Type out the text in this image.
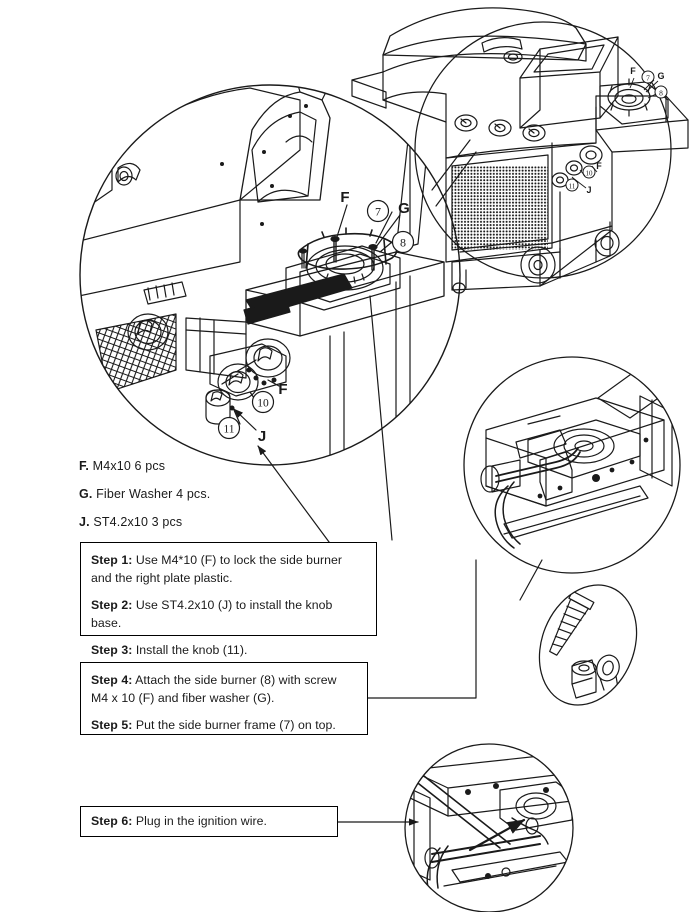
7
8
10
11
F
G
F
J
7
8
10
11
F G
F
J
F. M4x10 6 pcs
G. Fiber Washer 4 pcs.
J. ST4.2x10 3 pcs

Step 1: Use M4*10 (F) to lock the side burner and the right plate plastic.

Step 2: Use ST4.2x10 (J) to install the knob base.

Step 3: Install the knob (11).

Step 4: Attach the side burner (8) with screw M4 x 10 (F) and fiber washer (G).

Step 5: Put the side burner frame (7) on top.

Step 6: Plug in the ignition wire.
